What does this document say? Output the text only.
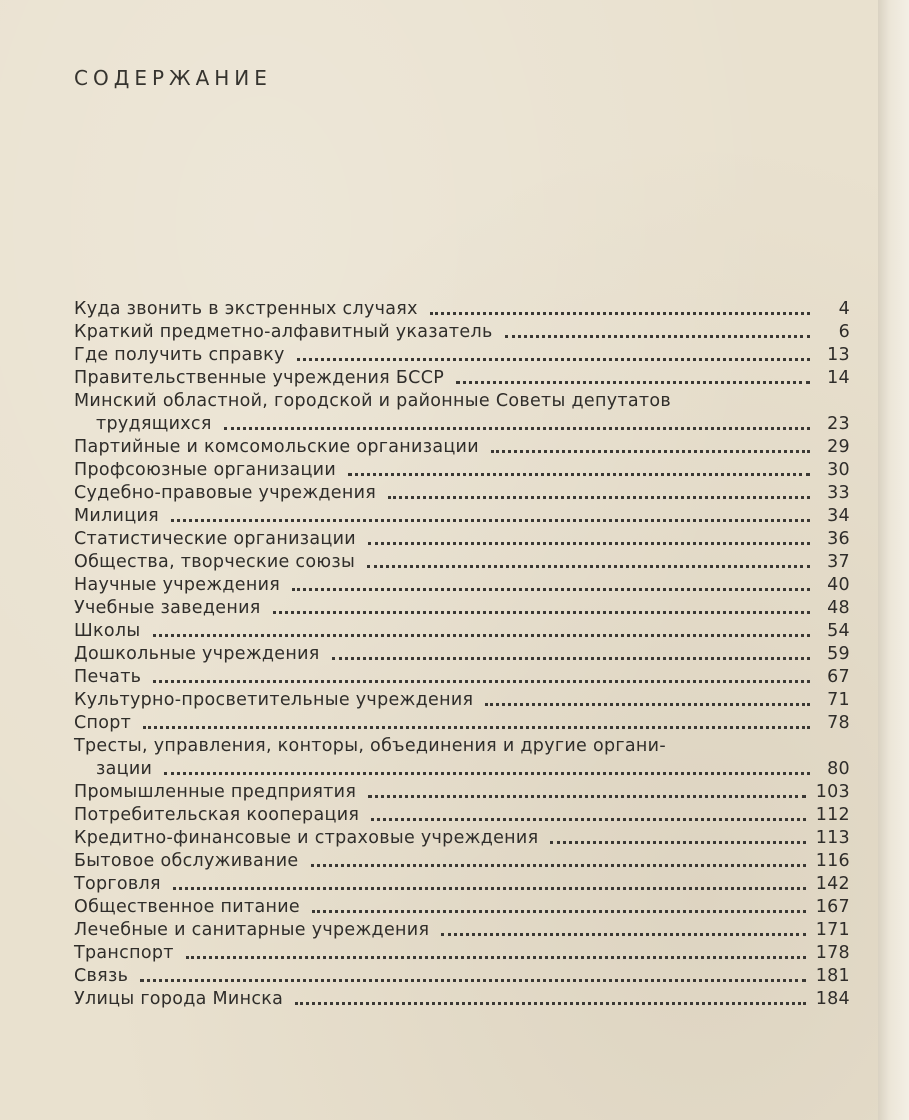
СОДЕРЖАНИЕ
Куда звонить в экстренных случаях	4
Краткий предметно-алфавитный указатель	6
Где получить справку	13
Правительственные учреждения БССР	14
Минский областной, городской и районные Советы депутатов
трудящихся	23
Партийные и комсомольские организации	29
Профсоюзные организации	30
Судебно-правовые учреждения	33
Милиция	34
Статистические организации	36
Общества, творческие союзы	37
Научные учреждения	40
Учебные заведения	48
Школы	54
Дошкольные учреждения	59
Печать	67
Культурно-просветительные учреждения	71
Спорт	78
Тресты, управления, конторы, объединения и другие органи-
зации	80
Промышленные предприятия	103
Потребительская кооперация	112
Кредитно-финансовые и страховые учреждения	113
Бытовое обслуживание	116
Торговля	142
Общественное питание	167
Лечебные и санитарные учреждения	171
Транспорт	178
Связь	181
Улицы города Минска	184
